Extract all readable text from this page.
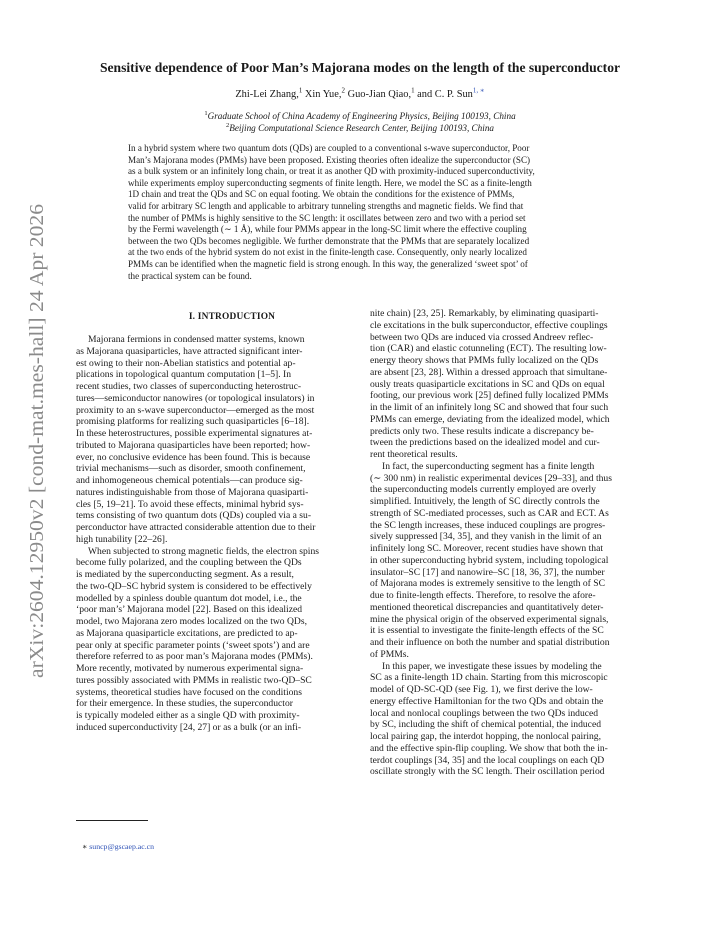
arXiv:2604.12950v2 [cond-mat.mes-hall] 24 Apr 2026
Sensitive dependence of Poor Man’s Majorana modes on the length of the superconductor
Zhi-Lei Zhang,$^1$ Xin Yue,$^2$ Guo-Jian Qiao,$^1$ and C. P. Sun$^{1, ∗}$
$^1$Graduate School of China Academy of Engineering Physics, Beijing 100193, China
$^2$Beijing Computational Science Research Center, Beijing 100193, China
In a hybrid system where two quantum dots (QDs) are coupled to a conventional s-wave superconductor, Poor
Man’s Majorana modes (PMMs) have been proposed. Existing theories often idealize the superconductor (SC)
as a bulk system or an infinitely long chain, or treat it as another QD with proximity-induced superconductivity,
while experiments employ superconducting segments of finite length. Here, we model the SC as a finite-length
1D chain and treat the QDs and SC on equal footing. We obtain the conditions for the existence of PMMs,
valid for arbitrary SC length and applicable to arbitrary tunneling strengths and magnetic fields. We find that
the number of PMMs is highly sensitive to the SC length: it oscillates between zero and two with a period set
by the Fermi wavelength (∼ 1 Å), while four PMMs appear in the long-SC limit where the effective coupling
between the two QDs becomes negligible. We further demonstrate that the PMMs that are separately localized
at the two ends of the hybrid system do not exist in the finite-length case. Consequently, only nearly localized
PMMs can be identified when the magnetic field is strong enough. In this way, the generalized ‘sweet spot’ of
the practical system can be found.
I. INTRODUCTION
Majorana fermions in condensed matter systems, known
as Majorana quasiparticles, have attracted significant inter-
est owing to their non-Abelian statistics and potential ap-
plications in topological quantum computation [1–5]. In
recent studies, two classes of superconducting heterostruc-
tures—semiconductor nanowires (or topological insulators) in
proximity to an s-wave superconductor—emerged as the most
promising platforms for realizing such quasiparticles [6–18].
In these heterostructures, possible experimental signatures at-
tributed to Majorana quasiparticles have been reported; how-
ever, no conclusive evidence has been found. This is because
trivial mechanisms—such as disorder, smooth confinement,
and inhomogeneous chemical potentials—can produce sig-
natures indistinguishable from those of Majorana quasiparti-
cles [5, 19–21]. To avoid these effects, minimal hybrid sys-
tems consisting of two quantum dots (QDs) coupled via a su-
perconductor have attracted considerable attention due to their
high tunability [22–26].
When subjected to strong magnetic fields, the electron spins
become fully polarized, and the coupling between the QDs
is mediated by the superconducting segment. As a result,
the two-QD–SC hybrid system is considered to be effectively
modelled by a spinless double quantum dot model, i.e., the
‘poor man’s’ Majorana model [22]. Based on this idealized
model, two Majorana zero modes localized on the two QDs,
as Majorana quasiparticle excitations, are predicted to ap-
pear only at specific parameter points (‘sweet spots’) and are
therefore referred to as poor man’s Majorana modes (PMMs).
More recently, motivated by numerous experimental signa-
tures possibly associated with PMMs in realistic two-QD–SC
systems, theoretical studies have focused on the conditions
for their emergence. In these studies, the superconductor
is typically modeled either as a single QD with proximity-
induced superconductivity [24, 27] or as a bulk (or an infi-
nite chain) [23, 25]. Remarkably, by eliminating quasiparti-
cle excitations in the bulk superconductor, effective couplings
between two QDs are induced via crossed Andreev reflec-
tion (CAR) and elastic cotunneling (ECT). The resulting low-
energy theory shows that PMMs fully localized on the QDs
are absent [23, 28]. Within a dressed approach that simultane-
ously treats quasiparticle excitations in SC and QDs on equal
footing, our previous work [25] defined fully localized PMMs
in the limit of an infinitely long SC and showed that four such
PMMs can emerge, deviating from the idealized model, which
predicts only two. These results indicate a discrepancy be-
tween the predictions based on the idealized model and cur-
rent theoretical results.
In fact, the superconducting segment has a finite length
(∼ 300 nm) in realistic experimental devices [29–33], and thus
the superconducting models currently employed are overly
simplified. Intuitively, the length of SC directly controls the
strength of SC-mediated processes, such as CAR and ECT. As
the SC length increases, these induced couplings are progres-
sively suppressed [34, 35], and they vanish in the limit of an
infinitely long SC. Moreover, recent studies have shown that
in other superconducting hybrid system, including topological
insulator–SC [17] and nanowire–SC [18, 36, 37], the number
of Majorana modes is extremely sensitive to the length of SC
due to finite-length effects. Therefore, to resolve the afore-
mentioned theoretical discrepancies and quantitatively deter-
mine the physical origin of the observed experimental signals,
it is essential to investigate the finite-length effects of the SC
and their influence on both the number and spatial distribution
of PMMs.
In this paper, we investigate these issues by modeling the
SC as a finite-length 1D chain. Starting from this microscopic
model of QD-SC-QD (see Fig. 1), we first derive the low-
energy effective Hamiltonian for the two QDs and obtain the
local and nonlocal couplings between the two QDs induced
by SC, including the shift of chemical potential, the induced
local pairing gap, the interdot hopping, the nonlocal pairing,
and the effective spin-flip coupling. We show that both the in-
terdot couplings [34, 35] and the local couplings on each QD
oscillate strongly with the SC length. Their oscillation period
∗ suncp@gscaep.ac.cn
